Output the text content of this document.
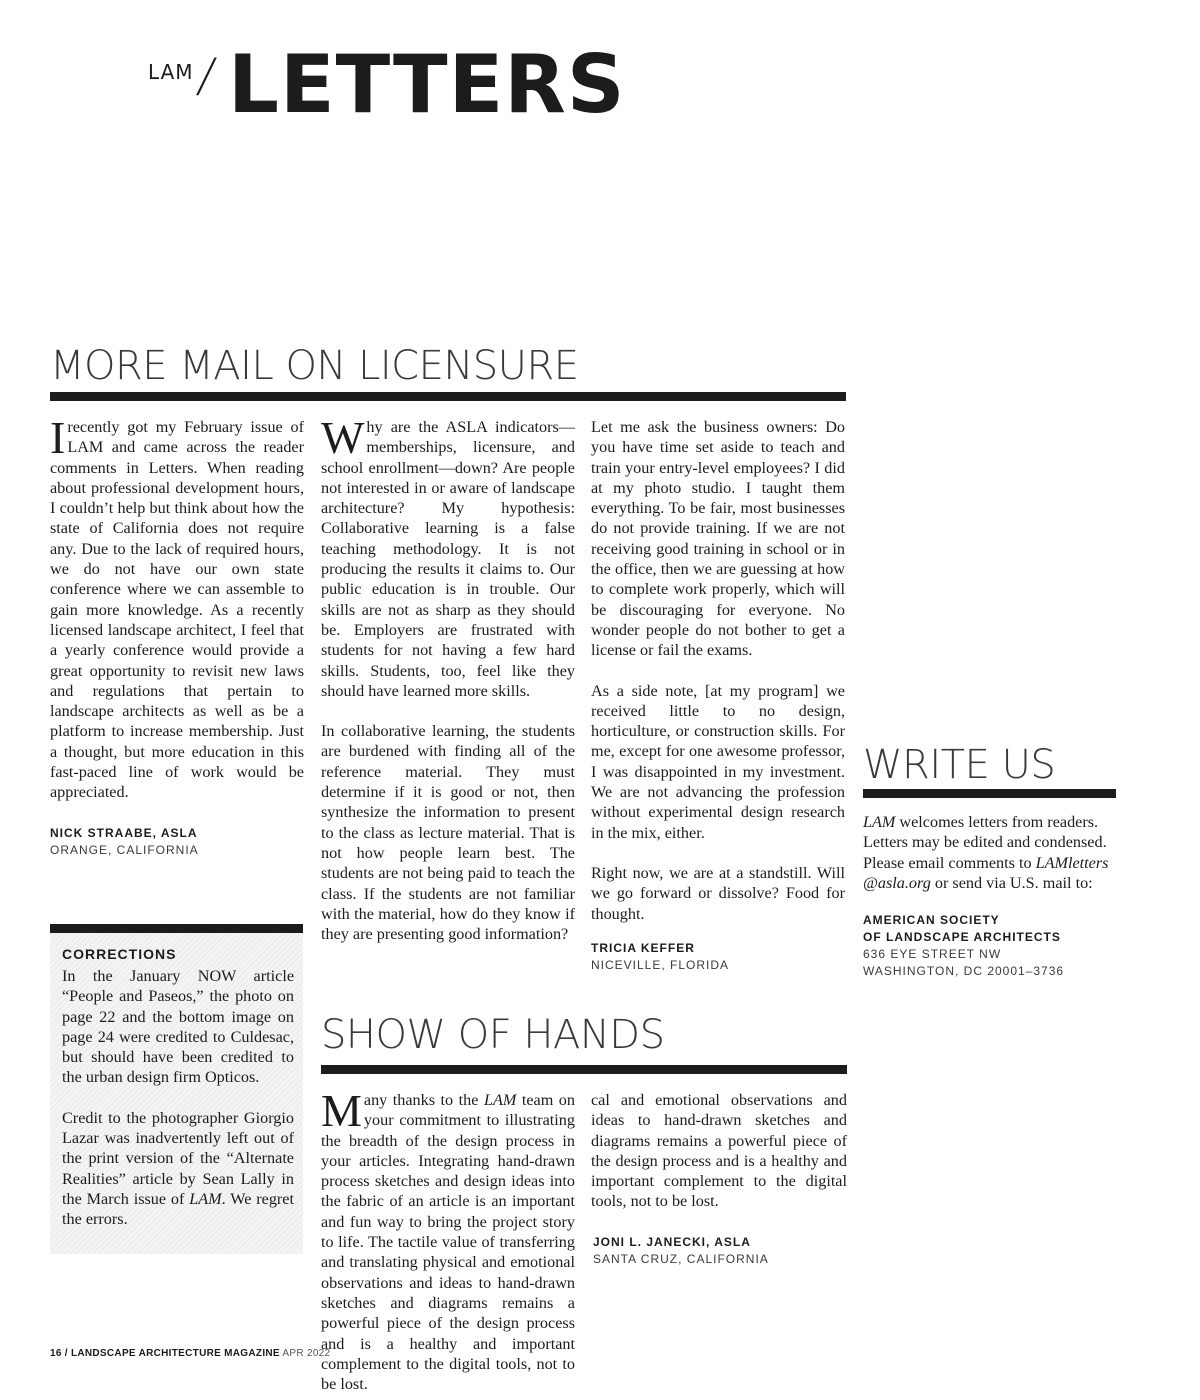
LAM / LETTERS
MORE MAIL ON LICENSURE

Irecently got my February issue of LAM and came across the reader comments in Letters. When reading about professional development hours, I couldn’t help but think about how the state of California does not require any. Due to the lack of required hours, we do not have our own state conference where we can assemble to gain more knowledge. As a recently licensed landscape architect, I feel that a yearly conference would provide a great opportunity to revisit new laws and regulations that pertain to landscape architects as well as be a platform to increase membership. Just a thought, but more education in this fast-paced line of work would be appreciated.

NICK STRAABE, ASLA
ORANGE, CALIFORNIA
CORRECTIONS

In the January NOW article “People and Paseos,” the photo on page 22 and the bottom image on page 24 were credited to Culdesac, but should have been credited to the urban design firm Opticos.

Credit to the photographer Giorgio Lazar was inadvertently left out of the print version of the “Alternate Realities” article by Sean Lally in the March issue of LAM. We regret the errors.

Why are the ASLA indicators—memberships, licensure, and school enrollment—down? Are people not interested in or aware of landscape architecture? My hypothesis: Collaborative learning is a false teaching methodology. It is not producing the results it claims to. Our public education is in trouble. Our skills are not as sharp as they should be. Employers are frustrated with students for not having a few hard skills. Students, too, feel like they should have learned more skills.

In collaborative learning, the students are burdened with finding all of the reference material. They must determine if it is good or not, then synthesize the information to present to the class as lecture material. That is not how people learn best. The students are not being paid to teach the class. If the students are not familiar with the material, how do they know if they are presenting good information?

Let me ask the business owners: Do you have time set aside to teach and train your entry-level employees? I did at my photo studio. I taught them everything. To be fair, most businesses do not provide training. If we are not receiving good training in school or in the office, then we are guessing at how to complete work properly, which will be discouraging for everyone. No wonder people do not bother to get a license or fail the exams.

As a side note, [at my program] we received little to no design, horticulture, or construction skills. For me, except for one awesome professor, I was disappointed in my investment. We are not advancing the profession without experimental design research in the mix, either.

Right now, we are at a standstill. Will we go forward or dissolve? Food for thought.

TRICIA KEFFER
NICEVILLE, FLORIDA
SHOW OF HANDS

Many thanks to the LAM team on your commitment to illustrating the breadth of the design process in your articles. Integrating hand-drawn process sketches and design ideas into the fabric of an article is an important and fun way to bring the project story to life. The tactile value of transferring and translating physical and emotional observations and ideas to hand-drawn sketches and diagrams remains a powerful piece of the design process and is a healthy and important complement to the digital tools, not to be lost.

cal and emotional observations and ideas to hand-drawn sketches and diagrams remains a powerful piece of the design process and is a healthy and important complement to the digital tools, not to be lost.

JONI L. JANECKI, ASLA
SANTA CRUZ, CALIFORNIA
WRITE US

LAM welcomes letters from readers. Letters may be edited and condensed. Please email comments to LAMletters @asla.org or send via U.S. mail to:

AMERICAN SOCIETY
OF LANDSCAPE ARCHITECTS
636 EYE STREET NW
WASHINGTON, DC 20001–3736
16 / LANDSCAPE ARCHITECTURE MAGAZINE APR 2022
